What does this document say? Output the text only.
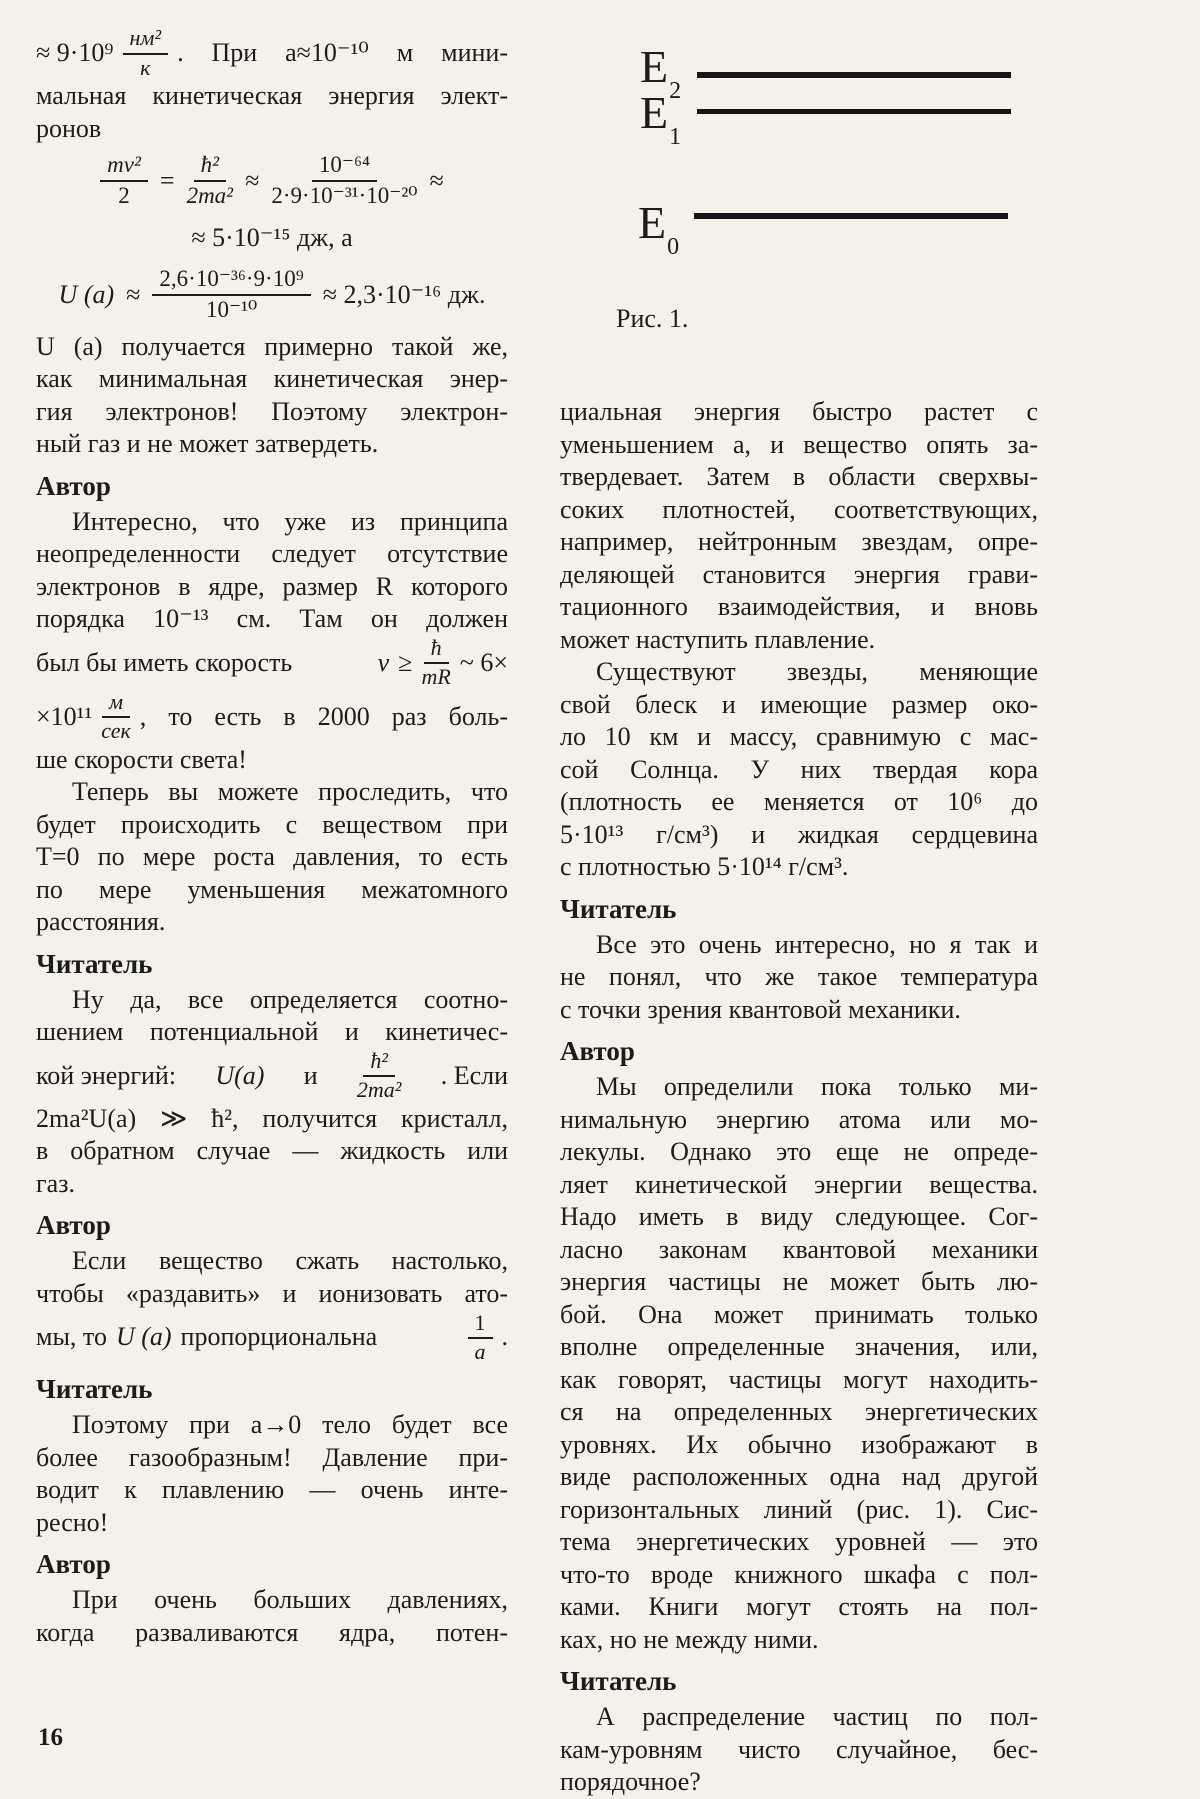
≈ $9\cdot 10^9 \frac{\text{нм²}}{к}$ . При a≈10⁻¹⁰ м мини-
мальная кинетическая энергия элект-
ронов
$\frac{\text{mv²}}{2} = \frac{\text{ħ²}}{\text{2ma²}} \approx \frac{\text{10⁻⁶⁴}}{\text{2·9·10⁻³¹·10⁻²⁰}}$ ≈
≈ 5·10⁻¹⁵ дж, а
U $(a) \approx \frac{\text{2,6·10⁻³⁶·9·10⁹}}{\text{10⁻¹⁰}} \approx 2,3\cdot 10^{-16}$ дж.
U (a) получается примерно такой же,
как минимальная кинетическая энер-
гия электронов! Поэтому электрон-
ный газ и не может затвердеть.
Автор
Интересно, что уже из принципа
неопределенности следует отсутствие
электронов в ядре, размер R которого
порядка 10⁻¹³ см. Там он должен
был бы иметь скорость	$v \ge \frac{ħ}{mR}$ ~ 6×
$\times 10^{11} \frac{м}{\text{сек}}$ , то есть в 2000 раз боль-
ше скорости света!
Теперь вы можете проследить, что
будет происходить с веществом при
T=0 по мере роста давления, то есть
по мере уменьшения межатомного
расстояния.
Читатель
Ну да, все определяется соотно-
шением потенциальной и кинетичес-
кой энергий: U(a) и $\frac{\text{ħ²}}{\text{2ma²}}$ . Если
2ma²U(a) ≫ ħ², получится кристалл,
в обратном случае — жидкость или
газ.
Автор
Если вещество сжать настолько,
чтобы «раздавить» и ионизовать ато-
мы, то U (a) пропорциональна	$\frac{1}{a}$ .
Читатель
Поэтому при a→0 тело будет все
более газообразным! Давление при-
водит к плавлению — очень инте-
ресно!
Автор
При очень больших давлениях,
когда разваливаются ядра, потен-
$E_2$
$E_1$
$E_0$
Рис. 1.
циальная энергия быстро растет с
уменьшением a, и вещество опять за-
твердевает. Затем в области сверхвы-
соких плотностей, соответствующих,
например, нейтронным звездам, опре-
деляющей становится энергия грави-
тационного взаимодействия, и вновь
может наступить плавление.
Существуют звезды, меняющие
свой блеск и имеющие размер око-
ло 10 км и массу, сравнимую с мас-
сой Солнца. У них твердая кора
(плотность ее меняется от 10⁶ до
5·10¹³ г/см³) и жидкая сердцевина
с плотностью 5·10¹⁴ г/см³.
Читатель
Все это очень интересно, но я так и
не понял, что же такое температура
с точки зрения квантовой механики.
Автор
Мы определили пока только ми-
нимальную энергию атома или мо-
лекулы. Однако это еще не опреде-
ляет кинетической энергии вещества.
Надо иметь в виду следующее. Сог-
ласно законам квантовой механики
энергия частицы не может быть лю-
бой. Она может принимать только
вполне определенные значения, или,
как говорят, частицы могут находить-
ся на определенных энергетических
уровнях. Их обычно изображают в
виде расположенных одна над другой
горизонтальных линий (рис. 1). Сис-
тема энергетических уровней — это
что-то вроде книжного шкафа с пол-
ками. Книги могут стоять на пол-
ках, но не между ними.
Читатель
А распределение частиц по пол-
кам-уровням чисто случайное, бес-
порядочное?
16
